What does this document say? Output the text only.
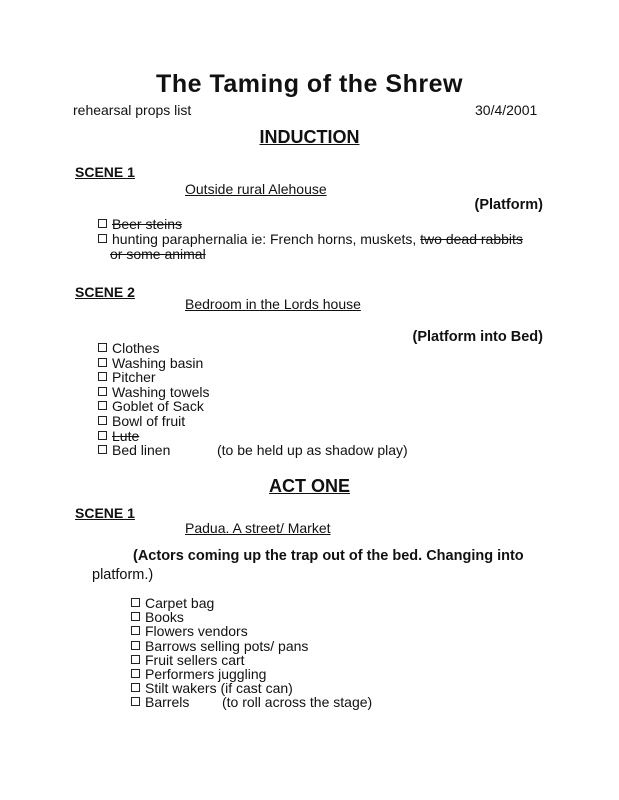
The Taming of the Shrew
rehearsal props list	30/4/2001
INDUCTION
SCENE 1
Outside rural Alehouse
(Platform)
Beer steins
hunting paraphernalia ie: French horns, muskets, two dead rabbits
or some animal
SCENE 2
Bedroom in the Lords house
(Platform into Bed)
ACT ONE
SCENE 1
Padua. A street/ Market
(Actors coming up the trap out of the bed. Changing into
platform.)
Clothes
Washing basin
Pitcher
Washing towels
Goblet of Sack
Bowl of fruit
Lute
Bed linen	(to be held up as shadow play)
Carpet bag
Books
Flowers vendors
Barrows selling pots/ pans
Fruit sellers cart
Performers juggling
Stilt wakers (if cast can)
Barrels (to roll across the stage)
